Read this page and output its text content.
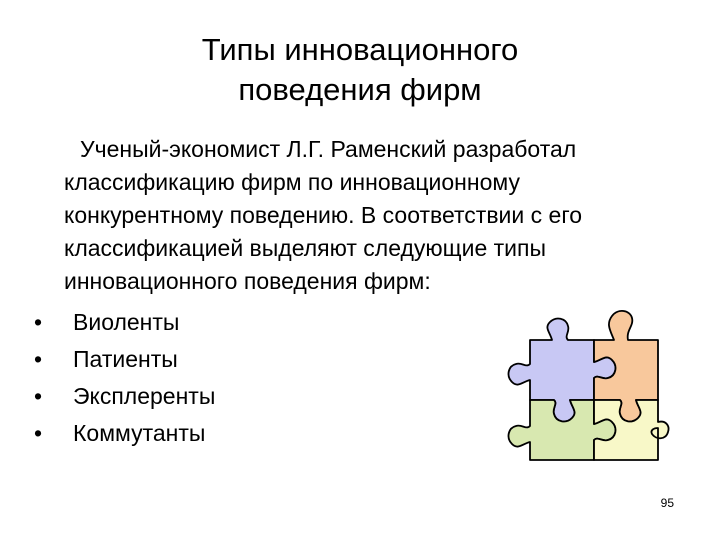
Типы инновационного
поведения фирм

Ученый-экономист Л.Г. Раменский разработал классификацию фирм по инновационному конкурентному поведению. В соответствии с его классификацией выделяют следующие типы инновационного поведения фирм:

• Виоленты
• Патиенты
• Эксплеренты
• Коммутанты
95
